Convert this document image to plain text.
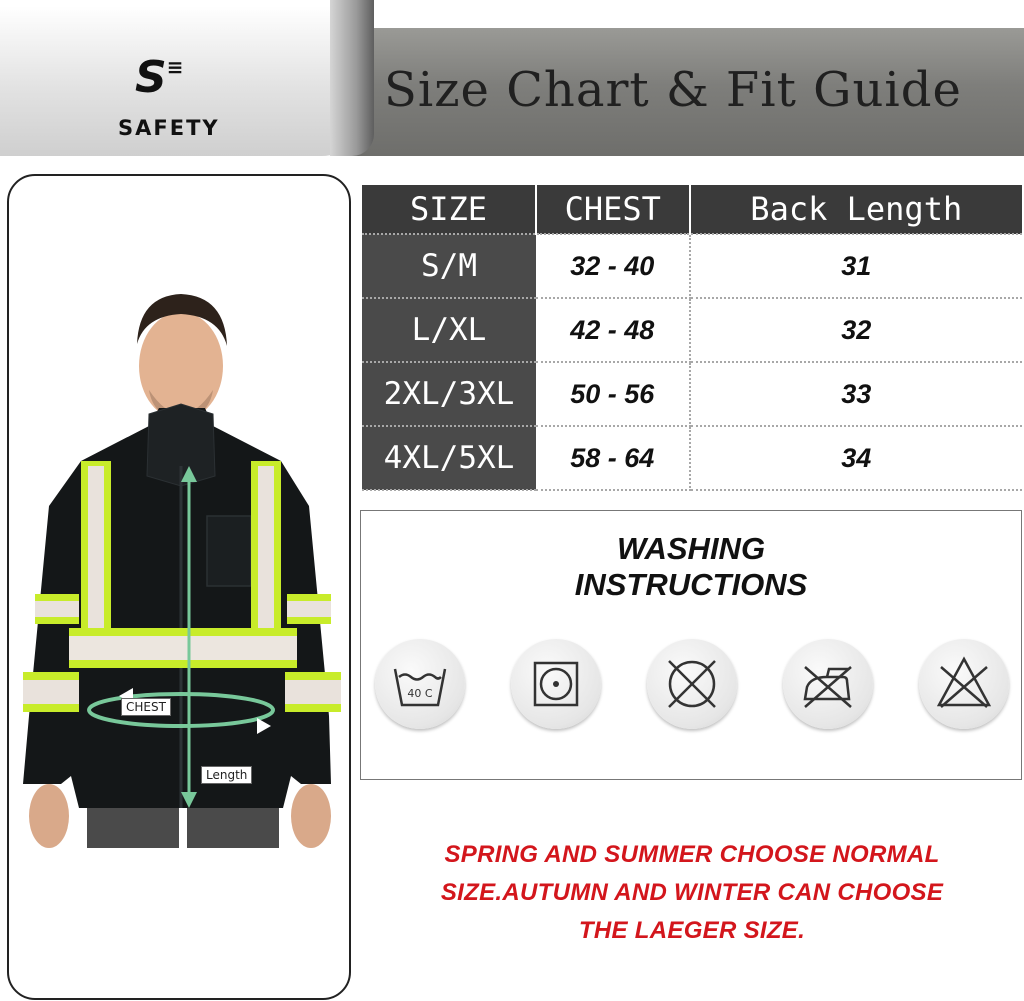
Size Chart & Fit Guide
S≡
SAFETY
CHEST
Length
SIZE	CHEST	Back Length
S/M	32 - 40	31
L/XL	42 - 48	32
2XL/3XL	50 - 56	33
4XL/5XL	58 - 64	34
WASHING
INSTRUCTIONS
40 C
SPRING AND SUMMER CHOOSE NORMAL
SIZE.AUTUMN AND WINTER CAN CHOOSE
THE LAEGER SIZE.
